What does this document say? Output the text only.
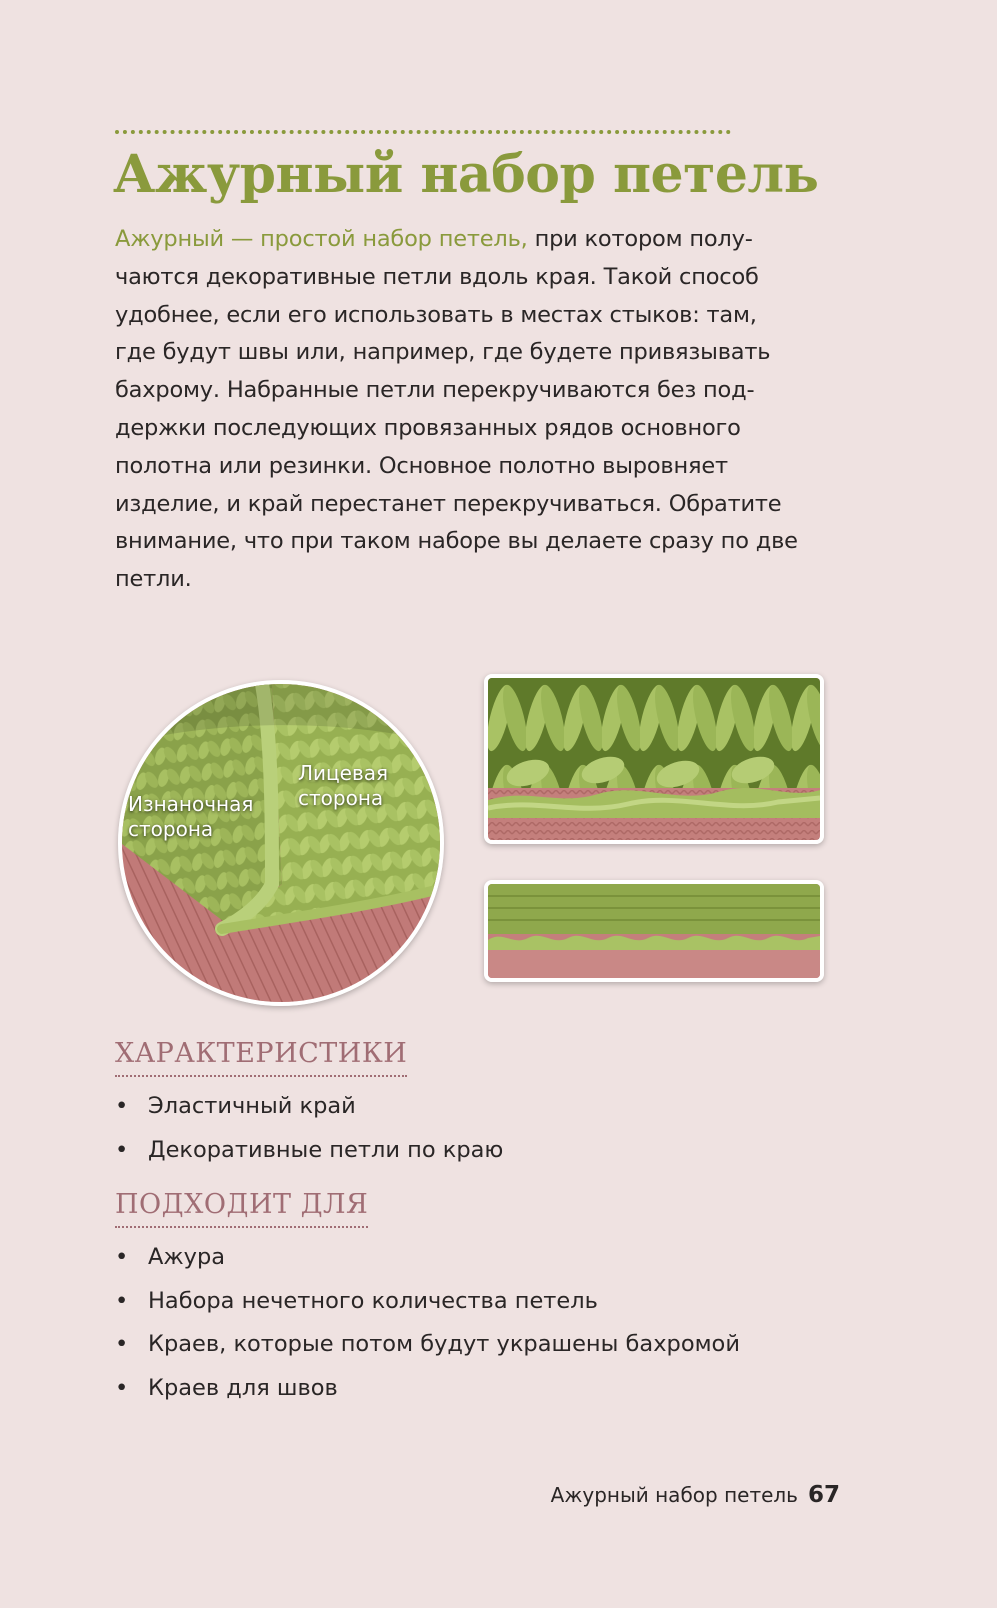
Ажурный набор петель

Ажурный — простой набор петель, при котором полу-
чаются декоративные петли вдоль края. Такой способ
удобнее, если его использовать в местах стыков: там,
где будут швы или, например, где будете привязывать
бахрому. Набранные петли перекручиваются без под-
держки последующих провязанных рядов основного
полотна или резинки. Основное полотно выровняет
изделие, и край перестанет перекручиваться. Обратите
внимание, что при таком наборе вы делаете сразу по две
петли.

Изнаночная
сторона
Лицевая
сторона
ХАРАКТЕРИСТИКИ
• Эластичный край
• Декоративные петли по краю
ПОДХОДИТ ДЛЯ
• Ажура
• Набора нечетного количества петель
• Краев, которые потом будут украшены бахромой
• Краев для швов
Ажурный набор петель 67
